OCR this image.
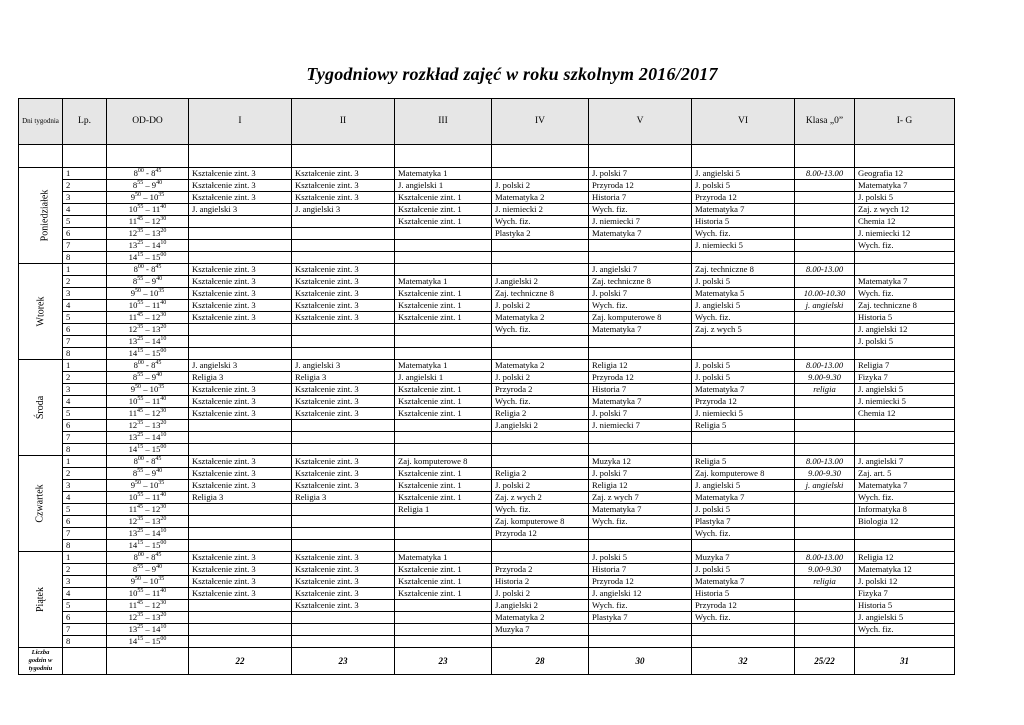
Tygodniowy rozkład zajęć w roku szkolnym 2016/2017
Dni tygodnia	Lp.	OD-DO	I	II	III	IV	V	VI	Klasa „0”	I- G

Poniedziałek	1	$8^{00} - 8^{45}$	Kształcenie zint. 3	Kształcenie zint. 3	Matematyka 1		J. polski 7	J. angielski 5	8.00-13.00	Geografia 12
	2	$8^{55} - 9^{40}$	Kształcenie zint. 3	Kształcenie zint. 3	J. angielski 1	J. polski 2	Przyroda 12	J. polski 5		Matematyka 7
	3	$9^{50} - 10^{35}$	Kształcenie zint. 3	Kształcenie zint. 3	Kształcenie zint. 1	Matematyka 2	Historia 7	Przyroda 12		J. polski 5
	4	$10^{55} - 11^{40}$	J. angielski 3	J. angielski 3	Kształcenie zint. 1	J. niemiecki 2	Wych. fiz.	Matematyka 7		Zaj. z wych 12
	5	$11^{45} - 12^{30}$			Kształcenie zint. 1	Wych. fiz.	J. niemiecki 7	Historia 5		Chemia 12
	6	$12^{35} - 13^{20}$				Plastyka 2	Matematyka 7	Wych. fiz.		J. niemiecki 12
	7	$13^{25} - 14^{10}$						J. niemiecki 5		Wych. fiz.
	8	$14^{15} - 15^{00}$								
Wtorek	1	$8^{00} - 8^{45}$	Kształcenie zint. 3	Kształcenie zint. 3			J. angielski 7	Zaj. techniczne 8	8.00-13.00	
	2	$8^{55} - 9^{40}$	Kształcenie zint. 3	Kształcenie zint. 3	Matematyka 1	J.angielski 2	Zaj. techniczne 8	J. polski 5		Matematyka 7
	3	$9^{50} - 10^{35}$	Kształcenie zint. 3	Kształcenie zint. 3	Kształcenie zint. 1	Zaj. techniczne 8	J. polski 7	Matematyka 5	10.00-10.30	Wych. fiz.
	4	$10^{55} - 11^{40}$	Kształcenie zint. 3	Kształcenie zint. 3	Kształcenie zint. 1	J. polski 2	Wych. fiz.	J. angielski 5	j. angielski	Zaj. techniczne 8
	5	$11^{45} - 12^{30}$	Kształcenie zint. 3	Kształcenie zint. 3	Kształcenie zint. 1	Matematyka 2	Zaj. komputerowe 8	Wych. fiz.		Historia 5
	6	$12^{35} - 13^{20}$				Wych. fiz.	Matematyka 7	Zaj. z wych 5		J. angielski 12
	7	$13^{25} - 14^{10}$								J. polski 5
	8	$14^{15} - 15^{00}$								
Środa	1	$8^{00} - 8^{45}$	J. angielski 3	J. angielski 3	Matematyka 1	Matematyka 2	Religia 12	J. polski 5	8.00-13.00	Religia 7
	2	$8^{55} - 9^{40}$	Religia 3	Religia 3	J. angielski 1	J. polski 2	Przyroda 12	J. polski 5	9.00-9.30	Fizyka 7
	3	$9^{50} - 10^{35}$	Kształcenie zint. 3	Kształcenie zint. 3	Kształcenie zint. 1	Przyroda 2	Historia 7	Matematyka 7	religia	J. angielski 5
	4	$10^{55} - 11^{40}$	Kształcenie zint. 3	Kształcenie zint. 3	Kształcenie zint. 1	Wych. fiz.	Matematyka 7	Przyroda 12		J. niemiecki 5
	5	$11^{45} - 12^{30}$	Kształcenie zint. 3	Kształcenie zint. 3	Kształcenie zint. 1	Religia 2	J. polski 7	J. niemiecki 5		Chemia 12
	6	$12^{35} - 13^{20}$				J.angielski 2	J. niemiecki 7	Religia 5		
	7	$13^{25} - 14^{10}$								
	8	$14^{15} - 15^{00}$								
Czwartek	1	$8^{00} - 8^{45}$	Kształcenie zint. 3	Kształcenie zint. 3	Zaj. komputerowe 8		Muzyka 12	Religia 5	8.00-13.00	J. angielski 7
	2	$8^{55} - 9^{40}$	Kształcenie zint. 3	Kształcenie zint. 3	Kształcenie zint. 1	Religia 2	J. polski 7	Zaj. komputerowe 8	9.00-9.30	Zaj. art. 5
	3	$9^{50} - 10^{35}$	Kształcenie zint. 3	Kształcenie zint. 3	Kształcenie zint. 1	J. polski 2	Religia 12	J. angielski 5	j. angielski	Matematyka 7
	4	$10^{55} - 11^{40}$	Religia 3	Religia 3	Kształcenie zint. 1	Zaj. z wych 2	Zaj. z wych 7	Matematyka 7		Wych. fiz.
	5	$11^{45} - 12^{30}$			Religia 1	Wych. fiz.	Matematyka 7	J. polski 5		Informatyka 8
	6	$12^{35} - 13^{20}$				Zaj. komputerowe 8	Wych. fiz.	Plastyka 7		Biologia 12
	7	$13^{25} - 14^{10}$				Przyroda 12		Wych. fiz.		
	8	$14^{15} - 15^{00}$								
Piątek	1	$8^{00} - 8^{45}$	Kształcenie zint. 3	Kształcenie zint. 3	Matematyka 1		J. polski 5	Muzyka 7	8.00-13.00	Religia 12
	2	$8^{55} - 9^{40}$	Kształcenie zint. 3	Kształcenie zint. 3	Kształcenie zint. 1	Przyroda 2	Historia 7	J. polski 5	9.00-9.30	Matematyka 12
	3	$9^{50} - 10^{35}$	Kształcenie zint. 3	Kształcenie zint. 3	Kształcenie zint. 1	Historia 2	Przyroda 12	Matematyka 7	religia	J. polski 12
	4	$10^{55} - 11^{40}$	Kształcenie zint. 3	Kształcenie zint. 3	Kształcenie zint. 1	J. polski 2	J. angielski 12	Historia 5		Fizyka 7
	5	$11^{45} - 12^{30}$		Kształcenie zint. 3		J.angielski 2	Wych. fiz.	Przyroda 12		Historia 5
	6	$12^{35} - 13^{20}$				Matematyka 2	Plastyka 7	Wych. fiz.		J. angielski 5
	7	$13^{25} - 14^{10}$				Muzyka 7				Wych. fiz.
	8	$14^{15} - 15^{00}$								
Liczba godzin w tygodniu			22	23	23	28	30	32	25/22	31
